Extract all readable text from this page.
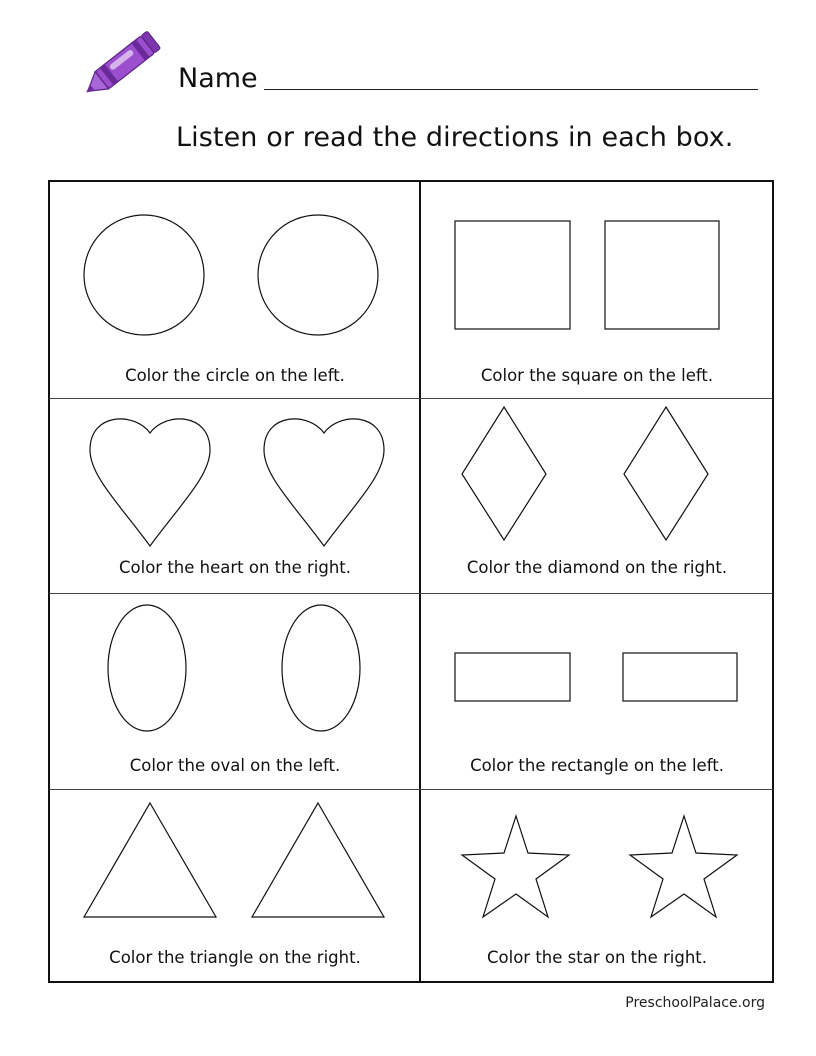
Name
Listen or read the directions in each box.
Color the circle on the left.	Color the square on the left.
Color the heart on the right.	Color the diamond on the right.
Color the oval on the left.	Color the rectangle on the left.
Color the triangle on the right.	Color the star on the right.
PreschoolPalace.org
